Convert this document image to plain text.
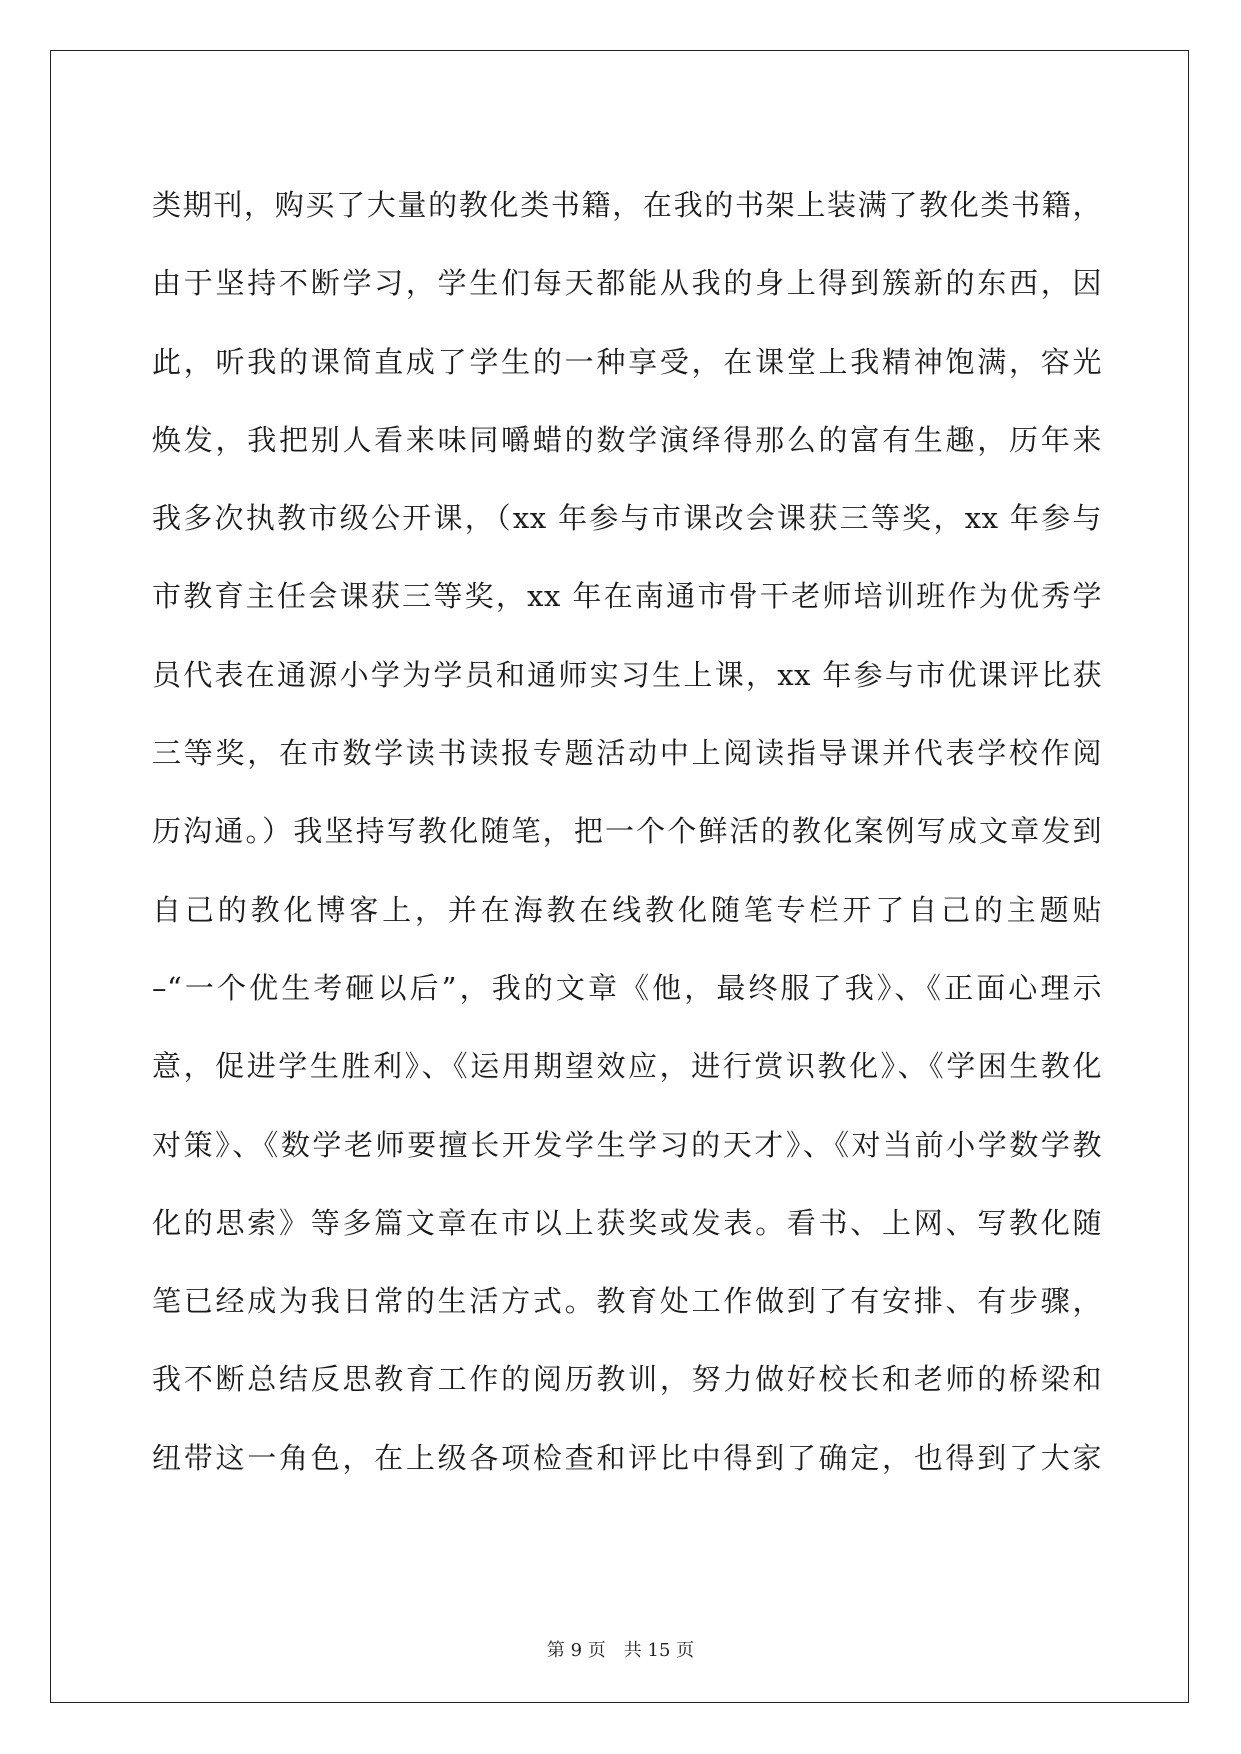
类期刊，购买了大量的教化类书籍，在我的书架上装满了教化类书籍，
由于坚持不断学习，学生们每天都能从我的身上得到簇新的东西，因
此，听我的课简直成了学生的一种享受，在课堂上我精神饱满，容光
焕发，我把别人看来味同嚼蜡的数学演绎得那么的富有生趣，历年来
我多次执教市级公开课，（xx 年参与市课改会课获三等奖，xx 年参与
市教育主任会课获三等奖，xx 年在南通市骨干老师培训班作为优秀学
员代表在通源小学为学员和通师实习生上课，xx 年参与市优课评比获
三等奖，在市数学读书读报专题活动中上阅读指导课并代表学校作阅
历沟通。）我坚持写教化随笔，把一个个鲜活的教化案例写成文章发到
自己的教化博客上，并在海教在线教化随笔专栏开了自己的主题贴
–“一个优生考砸以后”，我的文章《他，最终服了我》、《正面心理示
意，促进学生胜利》、《运用期望效应，进行赏识教化》、《学困生教化
对策》、《数学老师要擅长开发学生学习的天才》、《对当前小学数学教
化的思索》等多篇文章在市以上获奖或发表。看书、上网、写教化随
笔已经成为我日常的生活方式。教育处工作做到了有安排、有步骤，
我不断总结反思教育工作的阅历教训，努力做好校长和老师的桥梁和
纽带这一角色，在上级各项检查和评比中得到了确定，也得到了大家
第 9 页　共 15 页
